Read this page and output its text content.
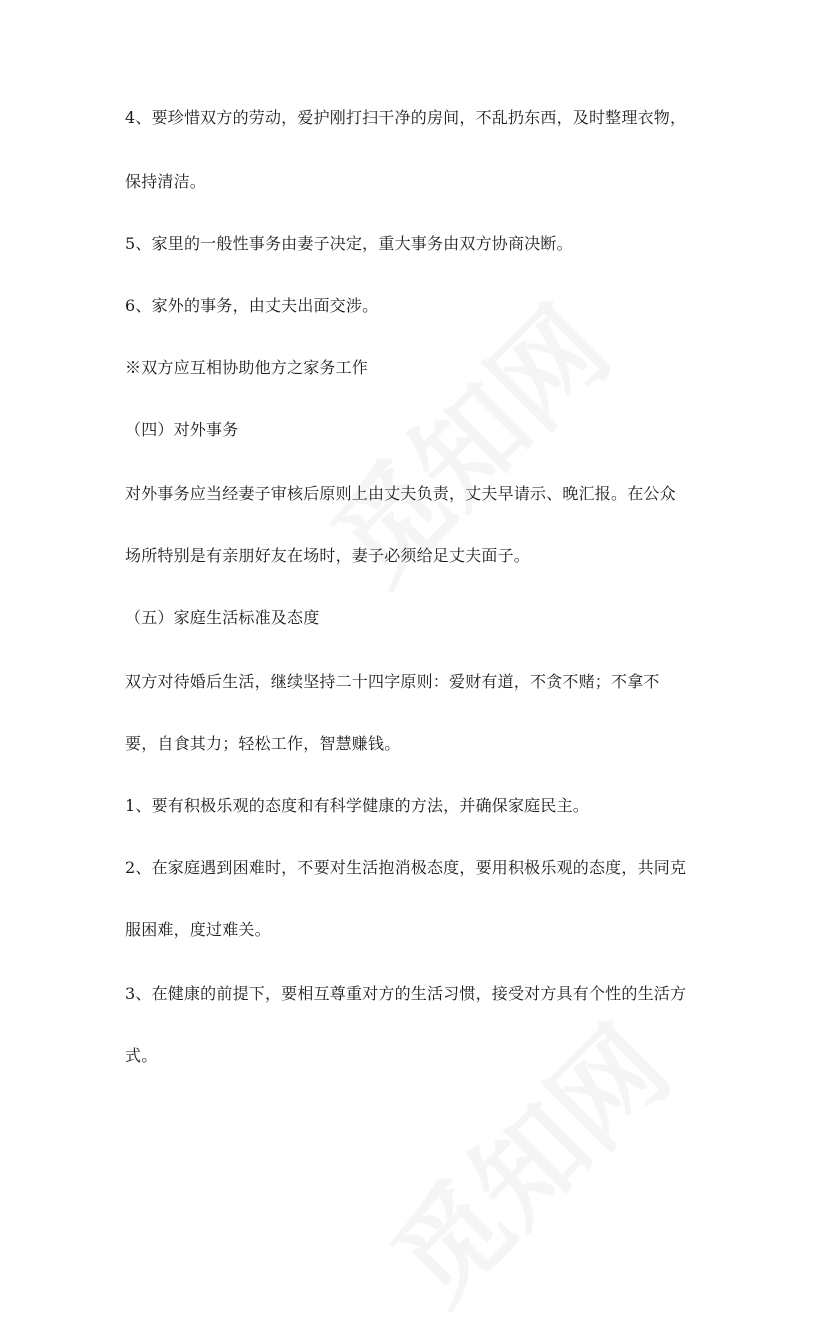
4、要珍惜双方的劳动，爱护刚打扫干净的房间，不乱扔东西，及时整理衣物，
保持清洁。
5、家里的一般性事务由妻子决定，重大事务由双方协商决断。
6、家外的事务，由丈夫出面交涉。
※双方应互相协助他方之家务工作
（四）对外事务
对外事务应当经妻子审核后原则上由丈夫负责，丈夫早请示、晚汇报。在公众
场所特别是有亲朋好友在场时，妻子必须给足丈夫面子。
（五）家庭生活标准及态度
双方对待婚后生活，继续坚持二十四字原则：爱财有道，不贪不赌；不拿不
要，自食其力；轻松工作，智慧赚钱。
1、要有积极乐观的态度和有科学健康的方法，并确保家庭民主。
2、在家庭遇到困难时，不要对生活抱消极态度，要用积极乐观的态度，共同克
服困难，度过难关。
3、在健康的前提下，要相互尊重对方的生活习惯，接受对方具有个性的生活方
式。
